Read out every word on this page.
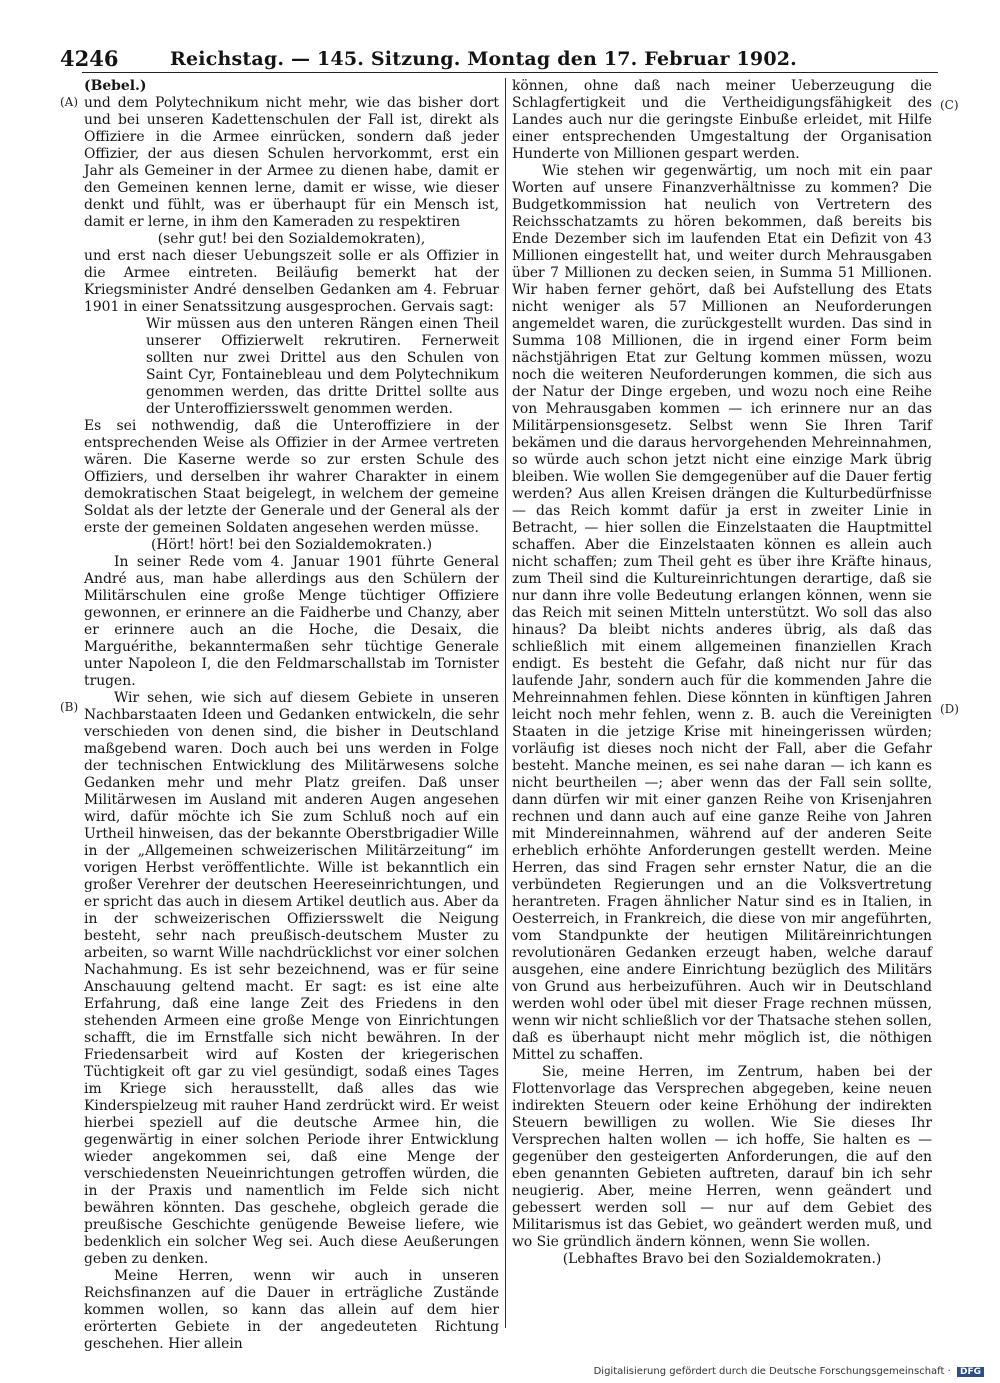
4246	Reichstag. — 145. Sitzung. Montag den 17. Februar 1902.
(A)
(B)
(C)
(D)

(Bebel.)

und dem Polytechnikum nicht mehr, wie das bisher dort und bei unseren Kadettenschulen der Fall ist, direkt als Offiziere in die Armee einrücken, sondern daß jeder Offizier, der aus diesen Schulen hervorkommt, erst ein Jahr als Gemeiner in der Armee zu dienen habe, damit er den Gemeinen kennen lerne, damit er wisse, wie dieser denkt und fühlt, was er überhaupt für ein Mensch ist, damit er lerne, in ihm den Kameraden zu respektiren

(sehr gut! bei den Sozialdemokraten),

und erst nach dieser Uebungszeit solle er als Offizier in die Armee eintreten. Beiläufig bemerkt hat der Kriegsminister André denselben Gedanken am 4. Februar 1901 in einer Senatssitzung ausgesprochen. Gervais sagt:

Wir müssen aus den unteren Rängen einen Theil unserer Offizierwelt rekrutiren. Fernerweit sollten nur zwei Drittel aus den Schulen von Saint Cyr, Fontainebleau und dem Polytechnikum genommen werden, das dritte Drittel sollte aus der Unteroffiziersswelt genommen werden.

Es sei nothwendig, daß die Unteroffiziere in der entsprechenden Weise als Offizier in der Armee vertreten wären. Die Kaserne werde so zur ersten Schule des Offiziers, und derselben ihr wahrer Charakter in einem demokratischen Staat beigelegt, in welchem der gemeine Soldat als der letzte der Generale und der General als der erste der gemeinen Soldaten angesehen werden müsse.

(Hört! hört! bei den Sozialdemokraten.)

In seiner Rede vom 4. Januar 1901 führte General André aus, man habe allerdings aus den Schülern der Militärschulen eine große Menge tüchtiger Offiziere gewonnen, er erinnere an die Faidherbe und Chanzy, aber er erinnere auch an die Hoche, die Desaix, die Marguérithe, bekanntermaßen sehr tüchtige Generale unter Napoleon I, die den Feldmarschallstab im Tornister trugen.

Wir sehen, wie sich auf diesem Gebiete in unseren Nachbarstaaten Ideen und Gedanken entwickeln, die sehr verschieden von denen sind, die bisher in Deutschland maßgebend waren. Doch auch bei uns werden in Folge der technischen Entwicklung des Militärwesens solche Gedanken mehr und mehr Platz greifen. Daß unser Militärwesen im Ausland mit anderen Augen angesehen wird, dafür möchte ich Sie zum Schluß noch auf ein Urtheil hinweisen, das der bekannte Oberstbrigadier Wille in der „Allgemeinen schweizerischen Militärzeitung“ im vorigen Herbst veröffentlichte. Wille ist bekanntlich ein großer Verehrer der deutschen Heereseinrichtungen, und er spricht das auch in diesem Artikel deutlich aus. Aber da in der schweizerischen Offiziersswelt die Neigung besteht, sehr nach preußisch-deutschem Muster zu arbeiten, so warnt Wille nachdrücklichst vor einer solchen Nachahmung. Es ist sehr bezeichnend, was er für seine Anschauung geltend macht. Er sagt: es ist eine alte Erfahrung, daß eine lange Zeit des Friedens in den stehenden Armeen eine große Menge von Einrichtungen schafft, die im Ernstfalle sich nicht bewähren. In der Friedensarbeit wird auf Kosten der kriegerischen Tüchtigkeit oft gar zu viel gesündigt, sodaß eines Tages im Kriege sich herausstellt, daß alles das wie Kinderspielzeug mit rauher Hand zerdrückt wird. Er weist hierbei speziell auf die deutsche Armee hin, die gegenwärtig in einer solchen Periode ihrer Entwicklung wieder angekommen sei, daß eine Menge der verschiedensten Neueinrichtungen getroffen würden, die in der Praxis und namentlich im Felde sich nicht bewähren könnten. Das geschehe, obgleich gerade die preußische Geschichte genügende Beweise liefere, wie bedenklich ein solcher Weg sei. Auch diese Aeußerungen geben zu denken.

Meine Herren, wenn wir auch in unseren Reichsfinanzen auf die Dauer in erträgliche Zustände kommen wollen, so kann das allein auf dem hier erörterten Gebiete in der angedeuteten Richtung geschehen. Hier allein

können, ohne daß nach meiner Ueberzeugung die Schlagfertigkeit und die Vertheidigungsfähigkeit des Landes auch nur die geringste Einbuße erleidet, mit Hilfe einer entsprechenden Umgestaltung der Organisation Hunderte von Millionen gespart werden.

Wie stehen wir gegenwärtig, um noch mit ein paar Worten auf unsere Finanzverhältnisse zu kommen? Die Budgetkommission hat neulich von Vertretern des Reichsschatzamts zu hören bekommen, daß bereits bis Ende Dezember sich im laufenden Etat ein Defizit von 43 Millionen eingestellt hat, und weiter durch Mehrausgaben über 7 Millionen zu decken seien, in Summa 51 Millionen. Wir haben ferner gehört, daß bei Aufstellung des Etats nicht weniger als 57 Millionen an Neuforderungen angemeldet waren, die zurückgestellt wurden. Das sind in Summa 108 Millionen, die in irgend einer Form beim nächstjährigen Etat zur Geltung kommen müssen, wozu noch die weiteren Neuforderungen kommen, die sich aus der Natur der Dinge ergeben, und wozu noch eine Reihe von Mehrausgaben kommen — ich erinnere nur an das Militärpensionsgesetz. Selbst wenn Sie Ihren Tarif bekämen und die daraus hervorgehenden Mehreinnahmen, so würde auch schon jetzt nicht eine einzige Mark übrig bleiben. Wie wollen Sie demgegenüber auf die Dauer fertig werden? Aus allen Kreisen drängen die Kulturbedürfnisse — das Reich kommt dafür ja erst in zweiter Linie in Betracht, — hier sollen die Einzelstaaten die Hauptmittel schaffen. Aber die Einzelstaaten können es allein auch nicht schaffen; zum Theil geht es über ihre Kräfte hinaus, zum Theil sind die Kultureinrichtungen derartige, daß sie nur dann ihre volle Bedeutung erlangen können, wenn sie das Reich mit seinen Mitteln unterstützt. Wo soll das also hinaus? Da bleibt nichts anderes übrig, als daß das schließlich mit einem allgemeinen finanziellen Krach endigt. Es besteht die Gefahr, daß nicht nur für das laufende Jahr, sondern auch für die kommenden Jahre die Mehreinnahmen fehlen. Diese könnten in künftigen Jahren leicht noch mehr fehlen, wenn z. B. auch die Vereinigten Staaten in die jetzige Krise mit hineingerissen würden; vorläufig ist dieses noch nicht der Fall, aber die Gefahr besteht. Manche meinen, es sei nahe daran — ich kann es nicht beurtheilen —; aber wenn das der Fall sein sollte, dann dürfen wir mit einer ganzen Reihe von Krisenjahren rechnen und dann auch auf eine ganze Reihe von Jahren mit Mindereinnahmen, während auf der anderen Seite erheblich erhöhte Anforderungen gestellt werden. Meine Herren, das sind Fragen sehr ernster Natur, die an die verbündeten Regierungen und an die Volksvertretung herantreten. Fragen ähnlicher Natur sind es in Italien, in Oesterreich, in Frankreich, die diese von mir angeführten, vom Standpunkte der heutigen Militäreinrichtungen revolutionären Gedanken erzeugt haben, welche darauf ausgehen, eine andere Einrichtung bezüglich des Militärs von Grund aus herbeizuführen. Auch wir in Deutschland werden wohl oder übel mit dieser Frage rechnen müssen, wenn wir nicht schließlich vor der Thatsache stehen sollen, daß es überhaupt nicht mehr möglich ist, die nöthigen Mittel zu schaffen.

Sie, meine Herren, im Zentrum, haben bei der Flottenvorlage das Versprechen abgegeben, keine neuen indirekten Steuern oder keine Erhöhung der indirekten Steuern bewilligen zu wollen. Wie Sie dieses Ihr Versprechen halten wollen — ich hoffe, Sie halten es — gegenüber den gesteigerten Anforderungen, die auf den eben genannten Gebieten auftreten, darauf bin ich sehr neugierig. Aber, meine Herren, wenn geändert und gebessert werden soll — nur auf dem Gebiet des Militarismus ist das Gebiet, wo geändert werden muß, und wo Sie gründlich ändern können, wenn Sie wollen.

(Lebhaftes Bravo bei den Sozialdemokraten.)

Digitalisierung gefördert durch die Deutsche Forschungsgemeinschaft · DFG
